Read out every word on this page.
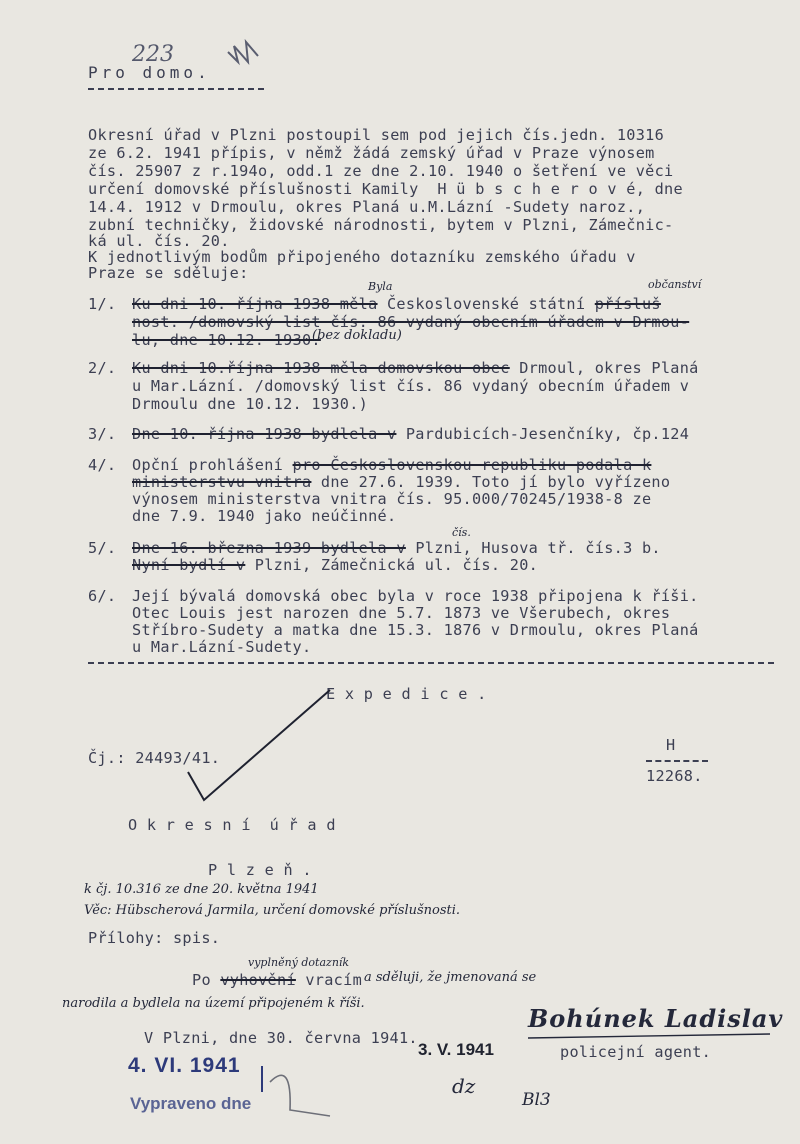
Pro domo.
223
Okresní úřad v Plzni postoupil sem pod jejich čís.jedn. 10316
ze 6.2. 1941 přípis, v němž žádá zemský úřad v Praze výnosem
čís. 25907 z r.194o, odd.1 ze dne 2.10. 1940 o šetření ve věci
určení domovské příslušnosti Kamily  H ü b s c h e r o v é, dne
14.4. 1912 v Drmoulu, okres Planá u.M.Lázní -Sudety naroz.,
zubní techničky, židovské národnosti, bytem v Plzni, Zámečnic-
ká ul. čís. 20.
K jednotlivým bodům připojeného dotazníku zemského úřadu v
Praze se sděluje:
1/. Ku dni 10. října 1938 měla Československé státní přísluš
nost. /domovský list čís. 86 vydaný obecním úřadem v Drmou-
lu, dne 10.12. 1930.
Byla	občanství
(bez dokladu)
2/. Ku dni 10.října 1938 měla domovskou obec Drmoul, okres Planá
u Mar.Lázní. /domovský list čís. 86 vydaný obecním úřadem v
Drmoulu dne 10.12. 1930.)
3/. Dne 10. října 1938 bydlela v Pardubicích-Jesenčníky, čp.124
4/. Opční prohlášení pro Československou republiku podala k
ministerstvu vnitra dne 27.6. 1939. Toto jí bylo vyřízeno
výnosem ministerstva vnitra čís. 95.000/70245/1938-8 ze
dne 7.9. 1940 jako neúčinné.
5/. Dne 16. března 1939 bydlela v Plzni, Husova tř. čís.3 b.
Nyní bydlí v Plzni, Zámečnická ul. čís. 20.
čís.
6/. Její bývalá domovská obec byla v roce 1938 připojena k říši.
Otec Louis jest narozen dne 5.7. 1873 ve Všerubech, okres
Stříbro-Sudety a matka dne 15.3. 1876 v Drmoulu, okres Planá
u Mar.Lázní-Sudety.
E x p e d i c e .
Čj.: 24493/41.
H
12268.
O k r e s n í  ú ř a d
P l z e ň .
k čj. 10.316 ze dne 20. května 1941
Věc: Hübscherová Jarmila, určení domovské příslušnosti.
Přílohy: spis.
vyplněný dotazník
Po vyhovění vracím a sděluji, že jmenovaná se
narodila a bydlela na území připojeném k říši.
V Plzni, dne 30. června 1941.
Bohúnek Ladislav
policejní agent.
4. VI. 1941
Vypraveno dne
3. V. 1941
dz
Bl3
